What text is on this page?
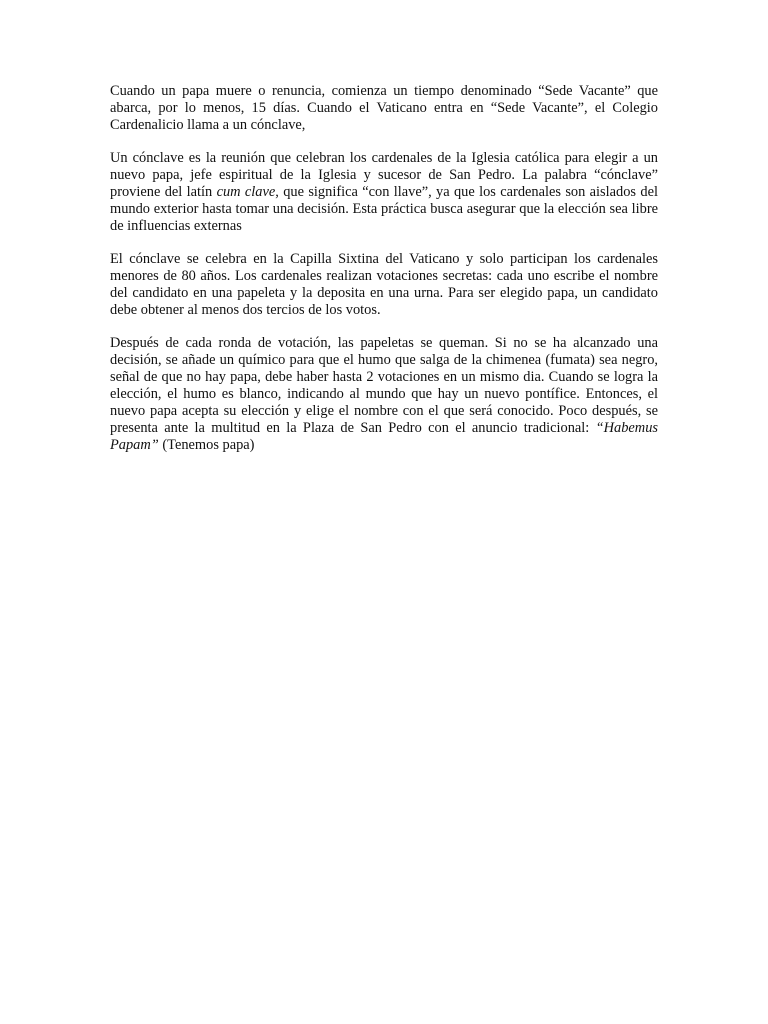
Cuando un papa muere o renuncia, comienza un tiempo denominado “Sede Vacante” que abarca, por lo menos, 15 días. Cuando el Vaticano entra en “Sede Vacante”, el Colegio Cardenalicio llama a un cónclave,

Un cónclave es la reunión que celebran los cardenales de la Iglesia católica para elegir a un nuevo papa, jefe espiritual de la Iglesia y sucesor de San Pedro. La palabra “cónclave” proviene del latín cum clave, que significa “con llave”, ya que los cardenales son aislados del mundo exterior hasta tomar una decisión. Esta práctica busca asegurar que la elección sea libre de influencias externas

El cónclave se celebra en la Capilla Sixtina del Vaticano y solo participan los cardenales menores de 80 años. Los cardenales realizan votaciones secretas: cada uno escribe el nombre del candidato en una papeleta y la deposita en una urna. Para ser elegido papa, un candidato debe obtener al menos dos tercios de los votos.

Después de cada ronda de votación, las papeletas se queman. Si no se ha alcanzado una decisión, se añade un químico para que el humo que salga de la chimenea (fumata) sea negro, señal de que no hay papa, debe haber hasta 2 votaciones en un mismo dia. Cuando se logra la elección, el humo es blanco, indicando al mundo que hay un nuevo pontífice. Entonces, el nuevo papa acepta su elección y elige el nombre con el que será conocido. Poco después, se presenta ante la multitud en la Plaza de San Pedro con el anuncio tradicional: “Habemus Papam” (Tenemos papa)
